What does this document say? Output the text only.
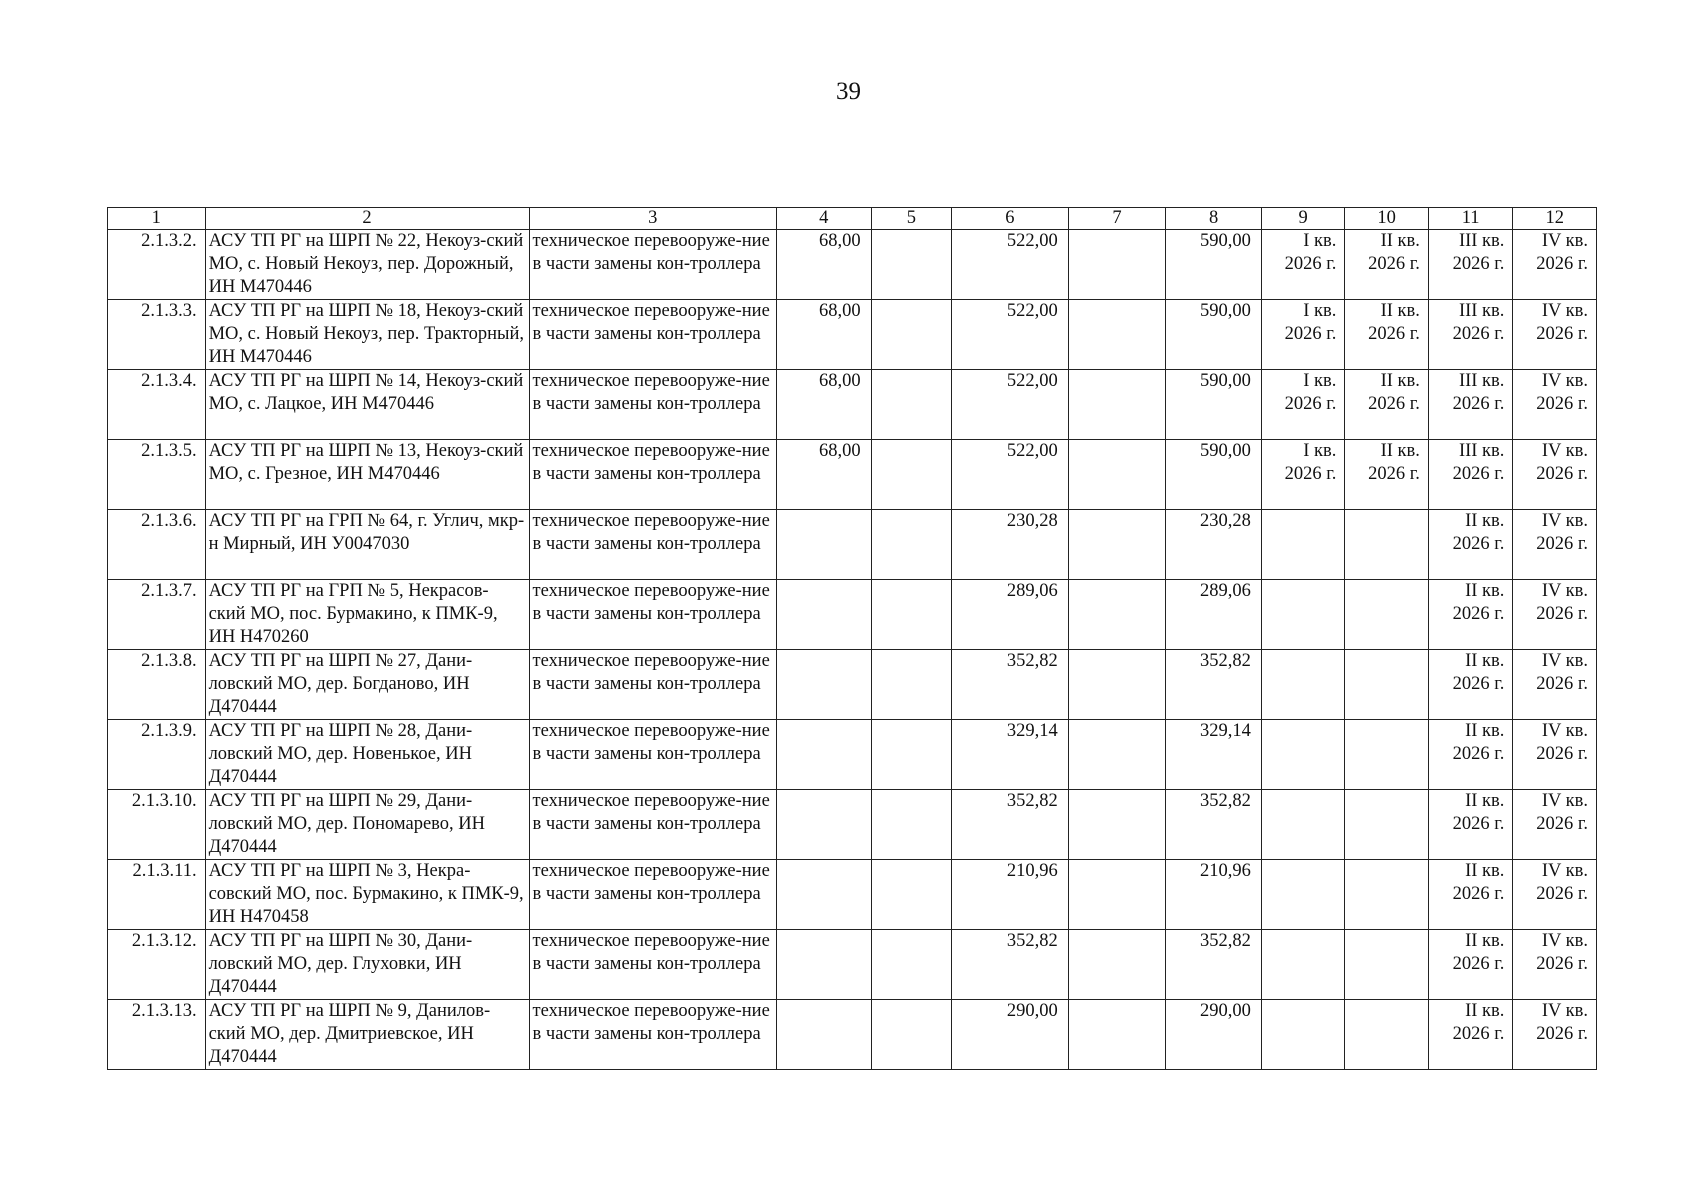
39
1	2	3	4	5	6	7	8	9	10	11	12
2.1.3.2.	АСУ ТП РГ на ШРП № 22, Некоуз-ский МО, с. Новый Некоуз, пер. Дорожный, ИН М470446	техническое перевооруже-ние в части замены кон-троллера	68,00		522,00		590,00	I кв. 2026 г.	II кв. 2026 г.	III кв. 2026 г.	IV кв. 2026 г.
2.1.3.3.	АСУ ТП РГ на ШРП № 18, Некоуз-ский МО, с. Новый Некоуз, пер. Тракторный, ИН М470446	техническое перевооруже-ние в части замены кон-троллера	68,00		522,00		590,00	I кв. 2026 г.	II кв. 2026 г.	III кв. 2026 г.	IV кв. 2026 г.
2.1.3.4.	АСУ ТП РГ на ШРП № 14, Некоуз-ский МО, с. Лацкое, ИН М470446	техническое перевооруже-ние в части замены кон-троллера	68,00		522,00		590,00	I кв. 2026 г.	II кв. 2026 г.	III кв. 2026 г.	IV кв. 2026 г.
2.1.3.5.	АСУ ТП РГ на ШРП № 13, Некоуз-ский МО, с. Грезное, ИН М470446	техническое перевооруже-ние в части замены кон-троллера	68,00		522,00		590,00	I кв. 2026 г.	II кв. 2026 г.	III кв. 2026 г.	IV кв. 2026 г.
2.1.3.6.	АСУ ТП РГ на ГРП № 64, г. Углич, мкр-н Мирный, ИН У0047030	техническое перевооруже-ние в части замены кон-троллера			230,28		230,28			II кв. 2026 г.	IV кв. 2026 г.
2.1.3.7.	АСУ ТП РГ на ГРП № 5, Некрасов-ский МО, пос. Бурмакино, к ПМК-9, ИН Н470260	техническое перевооруже-ние в части замены кон-троллера			289,06		289,06			II кв. 2026 г.	IV кв. 2026 г.
2.1.3.8.	АСУ ТП РГ на ШРП № 27, Дани-ловский МО, дер. Богданово, ИН Д470444	техническое перевооруже-ние в части замены кон-троллера			352,82		352,82			II кв. 2026 г.	IV кв. 2026 г.
2.1.3.9.	АСУ ТП РГ на ШРП № 28, Дани-ловский МО, дер. Новенькое, ИН Д470444	техническое перевооруже-ние в части замены кон-троллера			329,14		329,14			II кв. 2026 г.	IV кв. 2026 г.
2.1.3.10.	АСУ ТП РГ на ШРП № 29, Дани-ловский МО, дер. Пономарево, ИН Д470444	техническое перевооруже-ние в части замены кон-троллера			352,82		352,82			II кв. 2026 г.	IV кв. 2026 г.
2.1.3.11.	АСУ ТП РГ на ШРП № 3, Некра-совский МО, пос. Бурмакино, к ПМК-9, ИН Н470458	техническое перевооруже-ние в части замены кон-троллера			210,96		210,96			II кв. 2026 г.	IV кв. 2026 г.
2.1.3.12.	АСУ ТП РГ на ШРП № 30, Дани-ловский МО, дер. Глуховки, ИН Д470444	техническое перевооруже-ние в части замены кон-троллера			352,82		352,82			II кв. 2026 г.	IV кв. 2026 г.
2.1.3.13.	АСУ ТП РГ на ШРП № 9, Данилов-ский МО, дер. Дмитриевское, ИН Д470444	техническое перевооруже-ние в части замены кон-троллера			290,00		290,00			II кв. 2026 г.	IV кв. 2026 г.
